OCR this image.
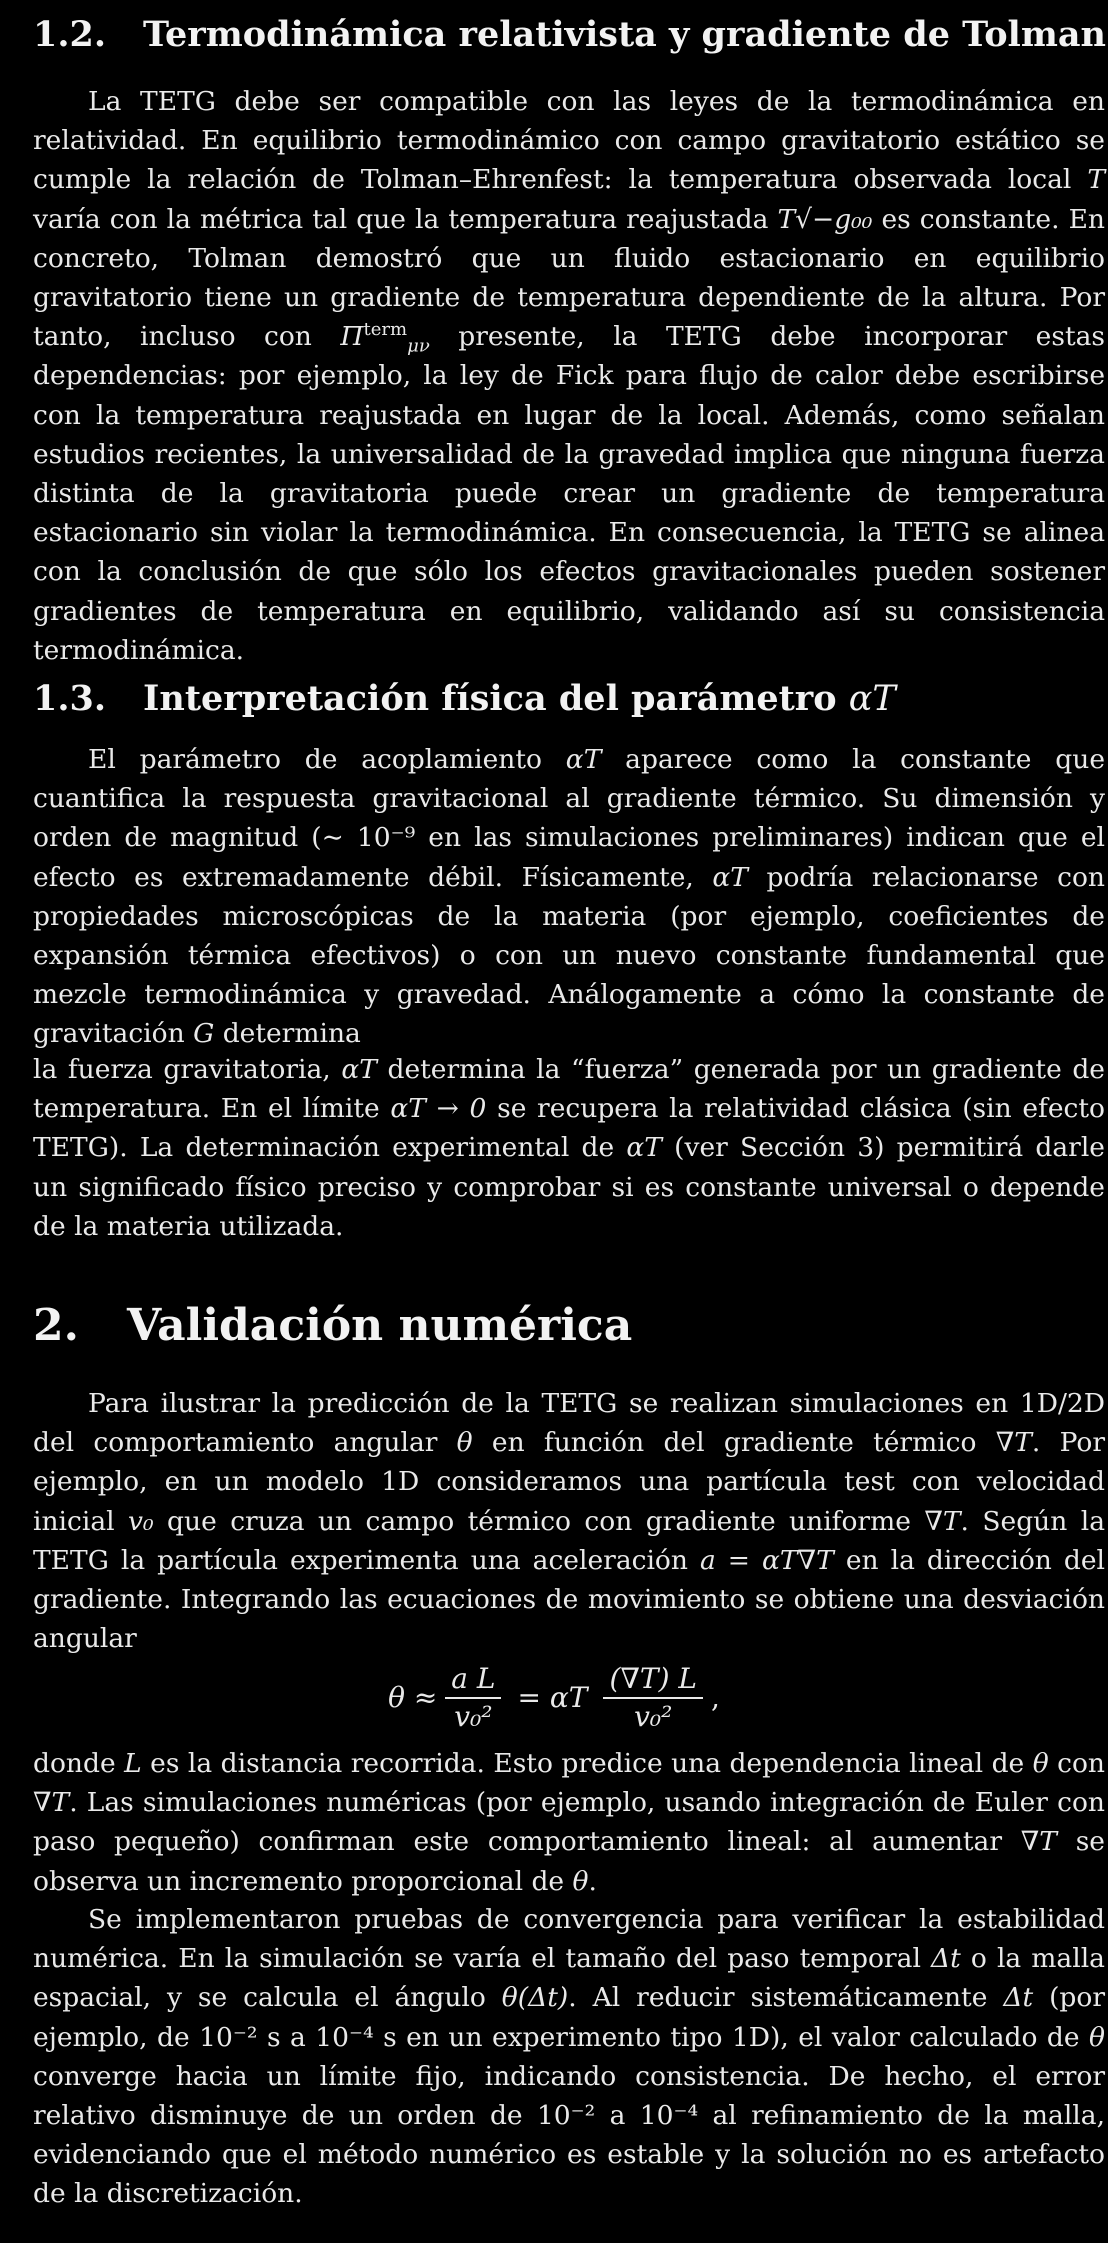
1.2. Termodinámica relativista y gradiente de Tolman

La TETG debe ser compatible con las leyes de la termodinámica en relatividad. En equilibrio termodinámico con campo gravitatorio estático se cumple la relación de Tolman–Ehrenfest: la temperatura observada local T varía con la métrica tal que la temperatura reajustada T√−g₀₀ es constante. En concreto, Tolman demostró que un fluido estacionario en equilibrio gravitatorio tiene un gradiente de temperatura dependiente de la altura. Por tanto, incluso con $\Pi^{term}_{\mu\nu}$ presente, la TETG debe incorporar estas dependencias: por ejemplo, la ley de Fick para flujo de calor debe escribirse con la temperatura reajustada en lugar de la local. Además, como señalan estudios recientes, la universalidad de la gravedad implica que ninguna fuerza distinta de la gravitatoria puede crear un gradiente de temperatura estacionario sin violar la termodinámica. En consecuencia, la TETG se alinea con la conclusión de que sólo los efectos gravitacionales pueden sostener gradientes de temperatura en equilibrio, validando así su consistencia termodinámica.

1.3. Interpretación física del parámetro αT

El parámetro de acoplamiento αT aparece como la constante que cuantifica la respuesta gravitacional al gradiente térmico. Su dimensión y orden de magnitud (∼ 10⁻⁹ en las simulaciones preliminares) indican que el efecto es extremadamente débil. Físicamente, αT podría relacionarse con propiedades microscópicas de la materia (por ejemplo, coeficientes de expansión térmica efectivos) o con un nuevo constante fundamental que mezcle termodinámica y gravedad. Análogamente a cómo la constante de gravitación G determina

la fuerza gravitatoria, αT determina la “fuerza” generada por un gradiente de temperatura. En el límite αT → 0 se recupera la relatividad clásica (sin efecto TETG). La determinación experimental de αT (ver Sección 3) permitirá darle un significado físico preciso y comprobar si es constante universal o depende de la materia utilizada.

2. Validación numérica

Para ilustrar la predicción de la TETG se realizan simulaciones en 1D/2D del comportamiento angular θ en función del gradiente térmico ∇T. Por ejemplo, en un modelo 1D consideramos una partícula test con velocidad inicial v₀ que cruza un campo térmico con gradiente uniforme ∇T. Según la TETG la partícula experimenta una aceleración a = αT∇T en la dirección del gradiente. Integrando las ecuaciones de movimiento se obtiene una desviación angular

$\theta \approx \frac{\text{a L}}{\text{v₀²}} = \alpha T \frac{(\nabla T) L}{\text{v₀²}}$ ,

donde L es la distancia recorrida. Esto predice una dependencia lineal de θ con ∇T. Las simulaciones numéricas (por ejemplo, usando integración de Euler con paso pequeño) confirman este comportamiento lineal: al aumentar ∇T se observa un incremento proporcional de θ.

Se implementaron pruebas de convergencia para verificar la estabilidad numérica. En la simulación se varía el tamaño del paso temporal Δt o la malla espacial, y se calcula el ángulo θ(Δt). Al reducir sistemáticamente Δt (por ejemplo, de 10⁻² s a 10⁻⁴ s en un experimento tipo 1D), el valor calculado de θ converge hacia un límite fijo, indicando consistencia. De hecho, el error relativo disminuye de un orden de 10⁻² a 10⁻⁴ al refinamiento de la malla, evidenciando que el método numérico es estable y la solución no es artefacto de la discretización.
